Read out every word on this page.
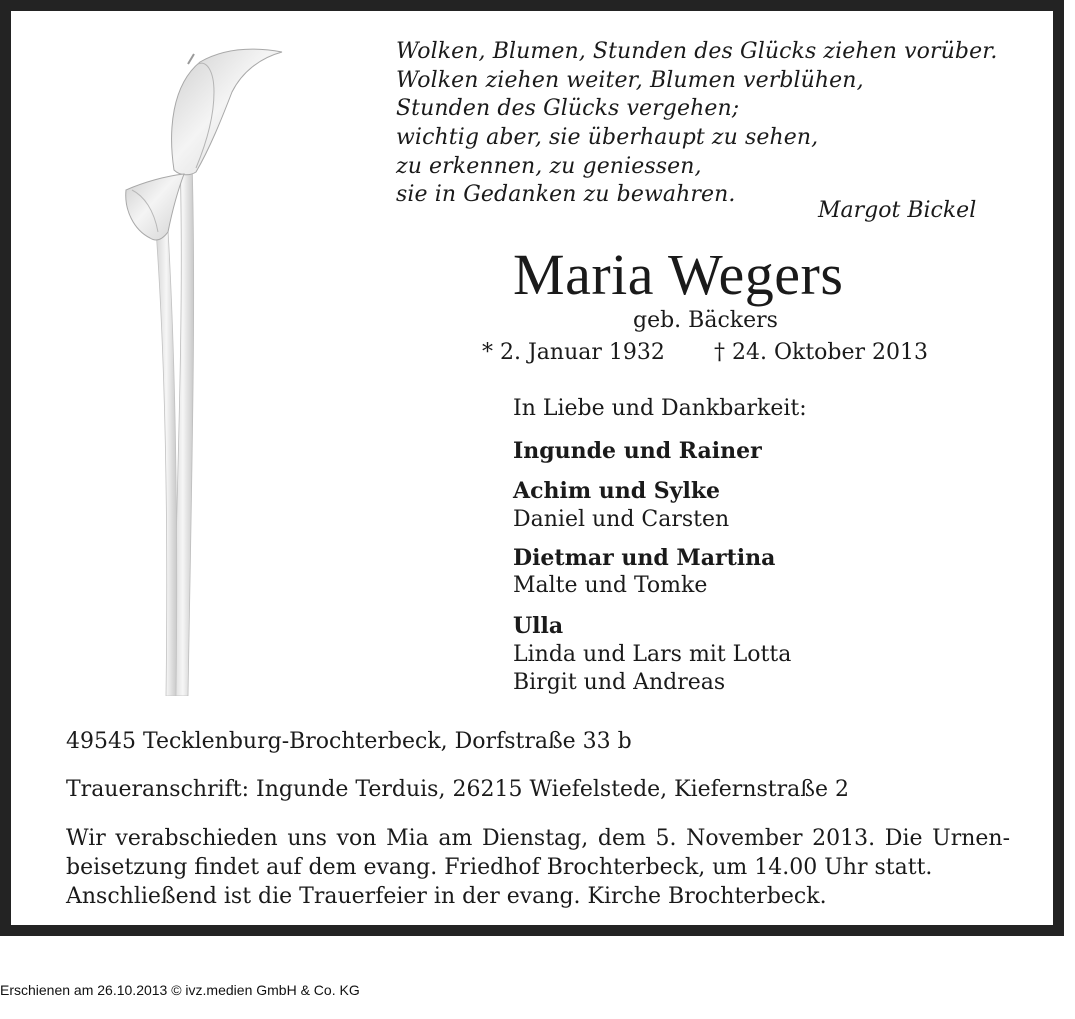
Wolken, Blumen, Stunden des Glücks ziehen vorüber.
Wolken ziehen weiter, Blumen verblühen,
Stunden des Glücks vergehen;
wichtig aber, sie überhaupt zu sehen,
zu erkennen, zu geniessen,
sie in Gedanken zu bewahren.
Margot Bickel
Maria Wegers
geb. Bäckers
* 2. Januar 1932 † 24. Oktober 2013
In Liebe und Dankbarkeit:
Ingunde und Rainer
Achim und Sylke
Daniel und Carsten
Dietmar und Martina
Malte und Tomke
Ulla
Linda und Lars mit Lotta
Birgit und Andreas
49545 Tecklenburg-Brochterbeck, Dorfstraße 33 b
Traueranschrift: Ingunde Terduis, 26215 Wiefelstede, Kiefernstraße 2
Wir verabschieden uns von Mia am Dienstag, dem 5. November 2013. Die Urnen-
beisetzung findet auf dem evang. Friedhof Brochterbeck, um 14.00 Uhr statt.
Anschließend ist die Trauerfeier in der evang. Kirche Brochterbeck.
Erschienen am 26.10.2013 © ivz.medien GmbH & Co. KG
